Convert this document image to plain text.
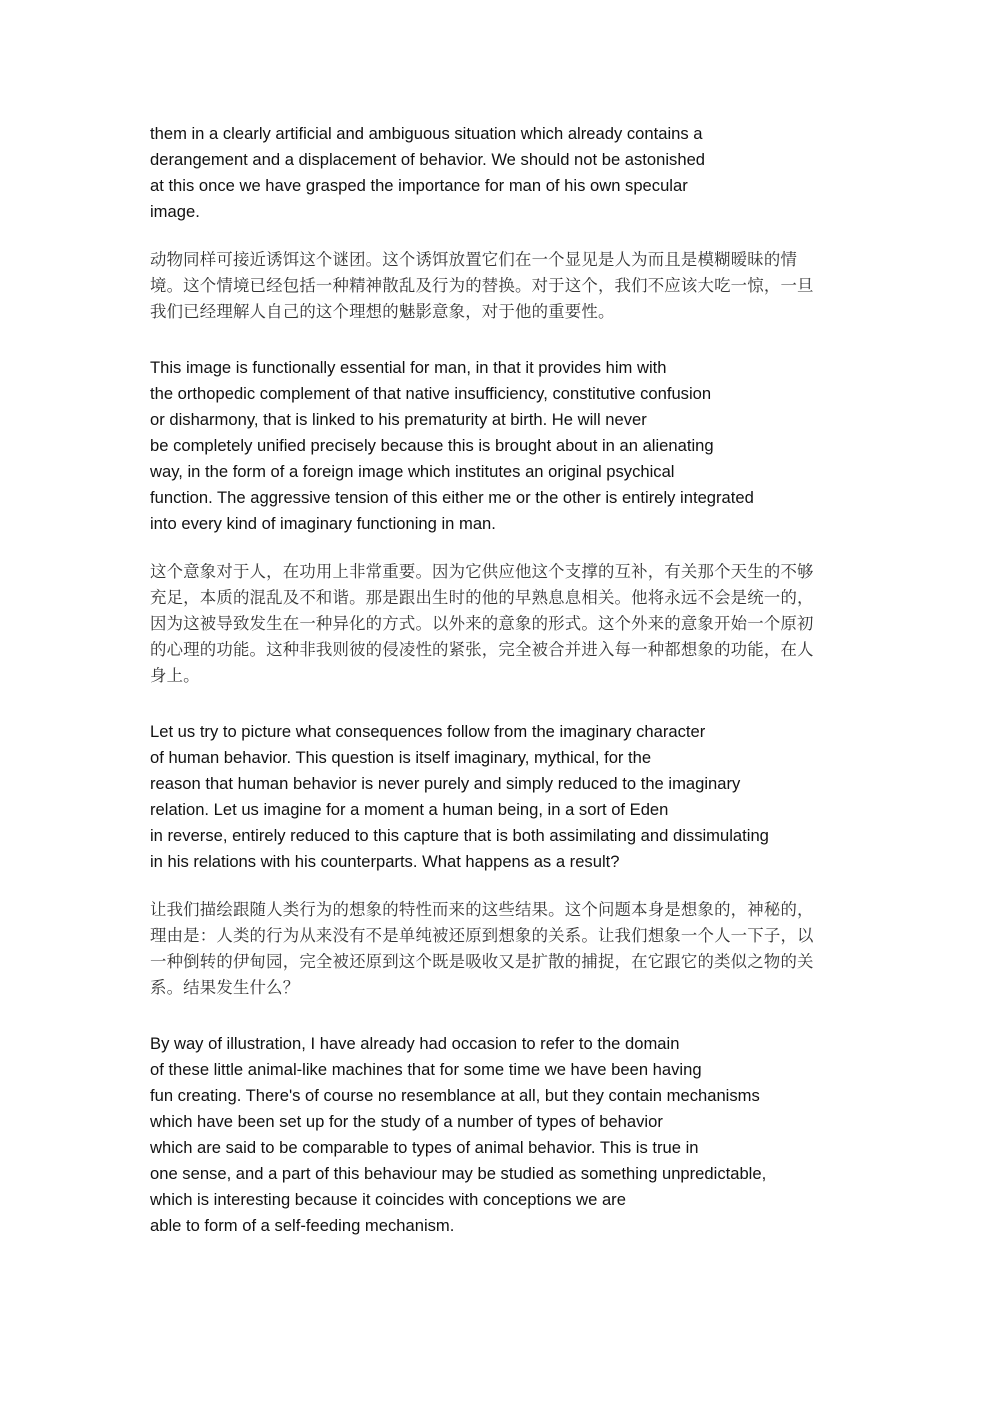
them in a clearly artificial and ambiguous situation which already contains a
derangement and a displacement of behavior. We should not be astonished
at this once we have grasped the importance for man of his own specular
image.

动物同样可接近诱饵这个谜团。这个诱饵放置它们在一个显见是人为而且是模糊暧昧的情
境。这个情境已经包括一种精神散乱及行为的替换。对于这个，我们不应该大吃一惊，一旦
我们已经理解人自己的这个理想的魅影意象，对于他的重要性。

This image is functionally essential for man, in that it provides him with
the orthopedic complement of that native insufficiency, constitutive confusion
or disharmony, that is linked to his prematurity at birth. He will never
be completely unified precisely because this is brought about in an alienating
way, in the form of a foreign image which institutes an original psychical
function. The aggressive tension of this either me or the other is entirely integrated
into every kind of imaginary functioning in man.

这个意象对于人，在功用上非常重要。因为它供应他这个支撑的互补，有关那个天生的不够
充足，本质的混乱及不和谐。那是跟出生时的他的早熟息息相关。他将永远不会是统一的，
因为这被导致发生在一种异化的方式。以外来的意象的形式。这个外来的意象开始一个原初
的心理的功能。这种非我则彼的侵凌性的紧张，完全被合并进入每一种都想象的功能，在人
身上。

Let us try to picture what consequences follow from the imaginary character
of human behavior. This question is itself imaginary, mythical, for the
reason that human behavior is never purely and simply reduced to the imaginary
relation. Let us imagine for a moment a human being, in a sort of Eden
in reverse, entirely reduced to this capture that is both assimilating and dissimulating
in his relations with his counterparts. What happens as a result?

让我们描绘跟随人类行为的想象的特性而来的这些结果。这个问题本身是想象的，神秘的，
理由是：人类的行为从来没有不是单纯被还原到想象的关系。让我们想象一个人一下子，以
一种倒转的伊甸园，完全被还原到这个既是吸收又是扩散的捕捉，在它跟它的类似之物的关
系。结果发生什么？

By way of illustration, I have already had occasion to refer to the domain
of these little animal-like machines that for some time we have been having
fun creating. There's of course no resemblance at all, but they contain mechanisms
which have been set up for the study of a number of types of behavior
which are said to be comparable to types of animal behavior. This is true in
one sense, and a part of this behaviour may be studied as something unpredictable,
which is interesting because it coincides with conceptions we are
able to form of a self-feeding mechanism.
